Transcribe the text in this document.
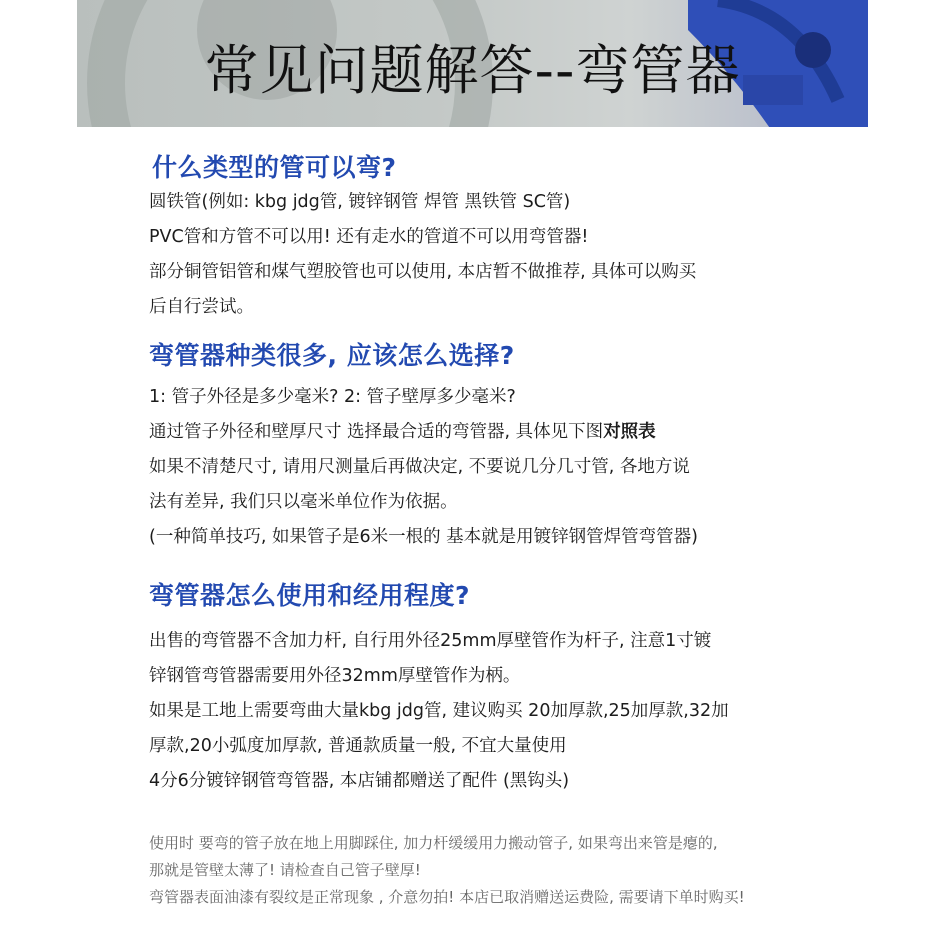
常见问题解答--弯管器
什么类型的管可以弯?

圆铁管(例如: kbg jdg管, 镀锌钢管 焊管 黑铁管 SC管)

PVC管和方管不可以用! 还有走水的管道不可以用弯管器!

部分铜管铝管和煤气塑胶管也可以使用, 本店暂不做推荐, 具体可以购买

后自行尝试。

弯管器种类很多, 应该怎么选择?

1: 管子外径是多少毫米? 2: 管子壁厚多少毫米?

通过管子外径和壁厚尺寸 选择最合适的弯管器, 具体见下图对照表

如果不清楚尺寸, 请用尺测量后再做决定, 不要说几分几寸管, 各地方说

法有差异, 我们只以毫米单位作为依据。

(一种简单技巧, 如果管子是6米一根的 基本就是用镀锌钢管焊管弯管器)

弯管器怎么使用和经用程度?

出售的弯管器不含加力杆, 自行用外径25mm厚壁管作为杆子, 注意1寸镀

锌钢管弯管器需要用外径32mm厚壁管作为柄。

如果是工地上需要弯曲大量kbg jdg管, 建议购买 20加厚款,25加厚款,32加

厚款,20小弧度加厚款, 普通款质量一般, 不宜大量使用

4分6分镀锌钢管弯管器, 本店铺都赠送了配件 (黑钩头)

使用时 要弯的管子放在地上用脚踩住, 加力杆缓缓用力搬动管子, 如果弯出来管是瘪的,

那就是管壁太薄了! 请检查自己管子壁厚!

弯管器表面油漆有裂纹是正常现象 , 介意勿拍! 本店已取消赠送运费险, 需要请下单时购买!
